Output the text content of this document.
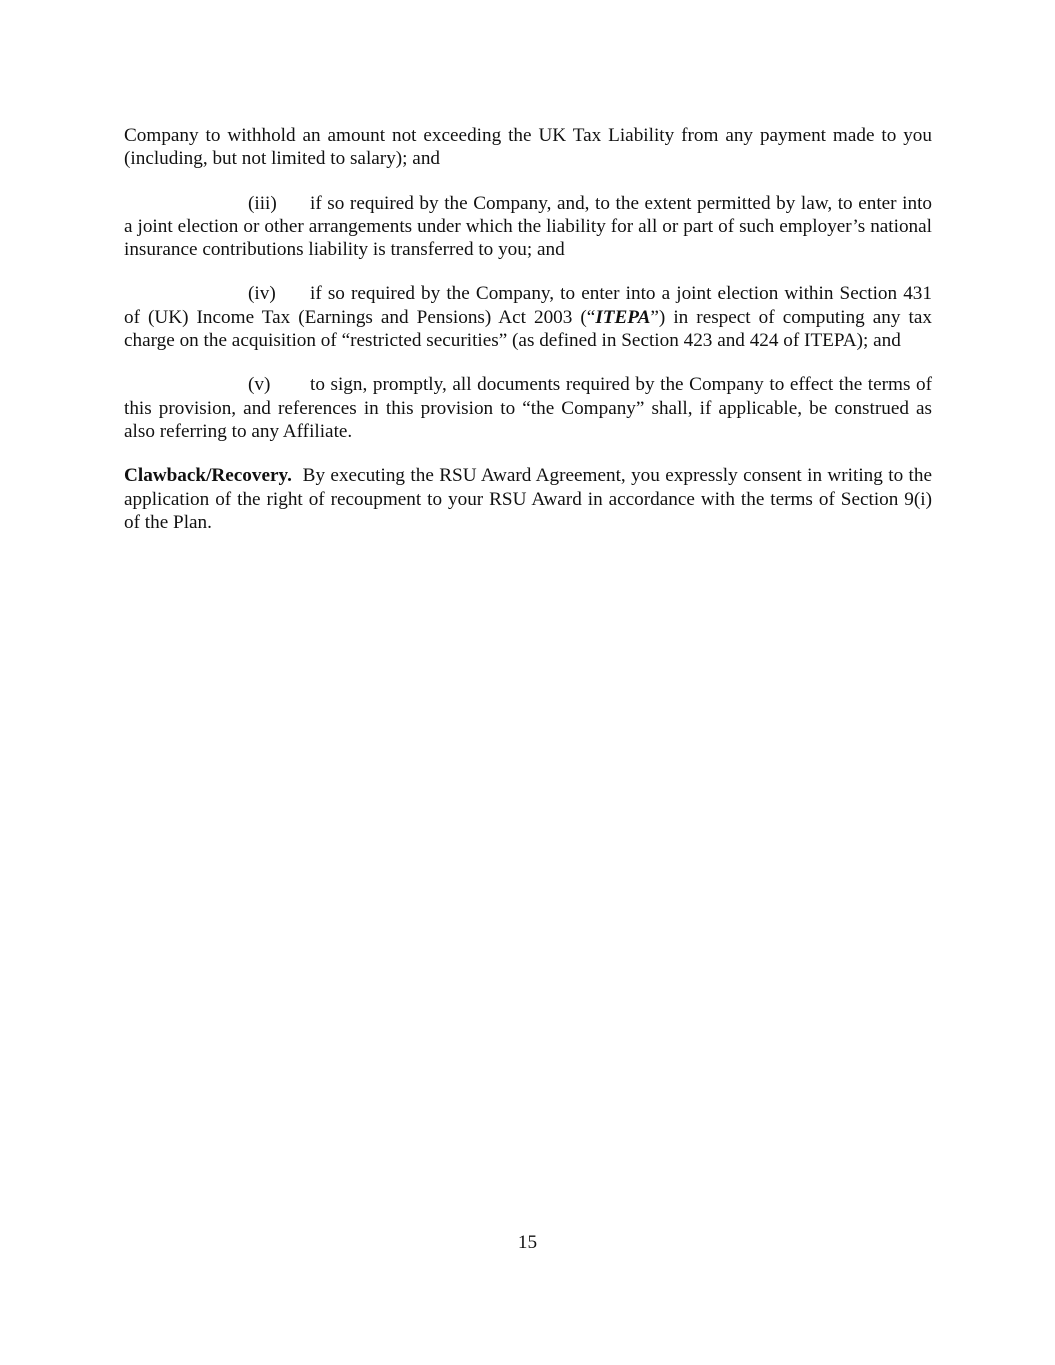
Company to withhold an amount not exceeding the UK Tax Liability from any payment made to you (including, but not limited to salary); and

(iii) if so required by the Company, and, to the extent permitted by law, to enter into a joint election or other arrangements under which the liability for all or part of such employer’s national insurance contributions liability is transferred to you; and

(iv) if so required by the Company, to enter into a joint election within Section 431 of (UK) Income Tax (Earnings and Pensions) Act 2003 (“ITEPA”) in respect of computing any tax charge on the acquisition of “restricted securities” (as defined in Section 423 and 424 of ITEPA); and

(v) to sign, promptly, all documents required by the Company to effect the terms of this provision, and references in this provision to “the Company” shall, if applicable, be construed as also referring to any Affiliate.

Clawback/Recovery. By executing the RSU Award Agreement, you expressly consent in writing to the application of the right of recoupment to your RSU Award in accordance with the terms of Section 9(i) of the Plan.

15
